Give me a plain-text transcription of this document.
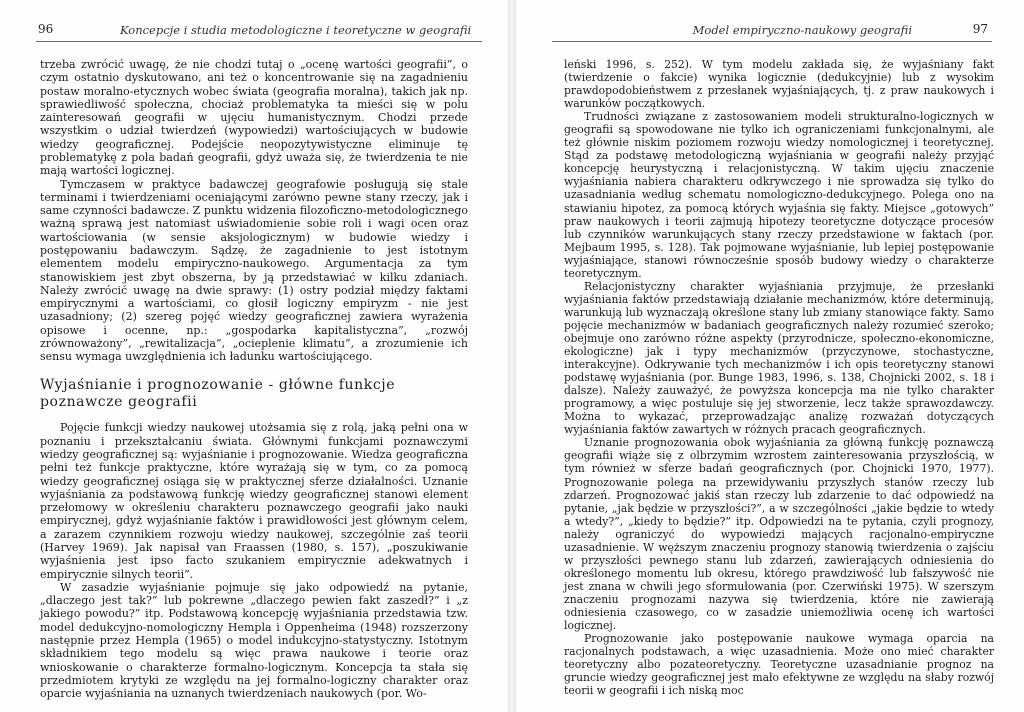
96	Koncepcje i studia metodologiczne i teoretyczne w geografii

trzeba zwrócić uwagę, że nie chodzi tutaj o „ocenę wartości geografii”, o czym ostatnio dyskutowano, ani też o koncentrowanie się na zagadnieniu postaw moralno-etycznych wobec świata (geografia moralna), takich jak np. sprawiedliwość społeczna, chociaż problematyka ta mieści się w polu zainteresowań geografii w ujęciu humanistycznym. Chodzi przede wszystkim o udział twierdzeń (wypowiedzi) wartościujących w budowie wiedzy geograficznej. Podejście neopozytywistyczne eliminuje tę problematykę z pola badań geografii, gdyż uważa się, że twierdzenia te nie mają wartości logicznej.

Tymczasem w praktyce badawczej geografowie posługują się stale terminami i twierdzeniami oceniającymi zarówno pewne stany rzeczy, jak i same czynności badawcze. Z punktu widzenia filozoficzno-metodologicznego ważną sprawą jest natomiast uświadomienie sobie roli i wagi ocen oraz wartościowania (w sensie aksjologicznym) w budowie wiedzy i postępowaniu badawczym. Sądzę, że zagadnienie to jest istotnym elementem modelu empiryczno-naukowego. Argumentacja za tym stanowiskiem jest zbyt obszerna, by ją przedstawiać w kilku zdaniach. Należy zwrócić uwagę na dwie sprawy: (1) ostry podział między faktami empirycznymi a wartościami, co głosił logiczny empiryzm - nie jest uzasadniony; (2) szereg pojęć wiedzy geograficznej zawiera wyrażenia opisowe i ocenne, np.: „gospodarka kapitalistyczna”, „rozwój zrównoważony”, „rewitalizacja”, „ocieplenie klimatu”, a zrozumienie ich sensu wymaga uwzględnienia ich ładunku wartościującego.

Wyjaśnianie i prognozowanie - główne funkcje poznawcze geografii

Pojęcie funkcji wiedzy naukowej utożsamia się z rolą, jaką pełni ona w poznaniu i przekształcaniu świata. Głównymi funkcjami poznawczymi wiedzy geograficznej są: wyjaśnianie i prognozowanie. Wiedza geograficzna pełni też funkcje praktyczne, które wyrażają się w tym, co za pomocą wiedzy geograficznej osiąga się w praktycznej sferze działalności. Uznanie wyjaśniania za podstawową funkcję wiedzy geograficznej stanowi element przełomowy w określeniu charakteru poznawczego geografii jako nauki empirycznej, gdyż wyjaśnianie faktów i prawidłowości jest głównym celem, a zarazem czynnikiem rozwoju wiedzy naukowej, szczególnie zaś teorii (Harvey 1969). Jak napisał van Fraassen (1980, s. 157), „poszukiwanie wyjaśnienia jest ipso facto szukaniem empirycznie adekwatnych i empirycznie silnych teorii”.

W zasadzie wyjaśnianie pojmuje się jako odpowiedź na pytanie, „dlaczego jest tak?” lub pokrewne „dlaczego pewien fakt zaszedł?” i „z jakiego powodu?” itp. Podstawową koncepcję wyjaśniania przedstawia tzw. model dedukcyjno-nomologiczny Hempla i Oppenheima (1948) rozszerzony następnie przez Hempla (1965) o model indukcyjno-statystyczny. Istotnym składnikiem tego modelu są więc prawa naukowe i teorie oraz wnioskowanie o charakterze formalno-logicznym. Koncepcja ta stała się przedmiotem krytyki ze względu na jej formalno-logiczny charakter oraz oparcie wyjaśniania na uznanych twierdzeniach naukowych (por. Wo-

Model empiryczno-naukowy geografii	97

leński 1996, s. 252). W tym modelu zakłada się, że wyjaśniany fakt (twierdzenie o fakcie) wynika logicznie (dedukcyjnie) lub z wysokim prawdopodobieństwem z przesłanek wyjaśniających, tj. z praw naukowych i warunków początkowych.

Trudności związane z zastosowaniem modeli strukturalno-logicznych w geografii są spowodowane nie tylko ich ograniczeniami funkcjonalnymi, ale też głównie niskim poziomem rozwoju wiedzy nomologicznej i teoretycznej. Stąd za podstawę metodologiczną wyjaśniania w geografii należy przyjąć koncepcję heurystyczną i relacjonistyczną. W takim ujęciu znaczenie wyjaśniania nabiera charakteru odkrywczego i nie sprowadza się tylko do uzasadniania według schematu nomologiczno-dedukcyjnego. Polega ono na stawianiu hipotez, za pomocą których wyjaśnia się fakty. Miejsce „gotowych” praw naukowych i teorii zajmują hipotezy teoretyczne dotyczące procesów lub czynników warunkujących stany rzeczy przedstawione w faktach (por. Mejbaum 1995, s. 128). Tak pojmowane wyjaśnianie, lub lepiej postępowanie wyjaśniające, stanowi równocześnie sposób budowy wiedzy o charakterze teoretycznym.

Relacjonistyczny charakter wyjaśniania przyjmuje, że przesłanki wyjaśniania faktów przedstawiają działanie mechanizmów, które determinują, warunkują lub wyznaczają określone stany lub zmiany stanowiące fakty. Samo pojęcie mechanizmów w badaniach geograficznych należy rozumieć szeroko; obejmuje ono zarówno różne aspekty (przyrodnicze, społeczno-ekonomiczne, ekologiczne) jak i typy mechanizmów (przyczynowe, stochastyczne, interakcyjne). Odkrywanie tych mechanizmów i ich opis teoretyczny stanowi podstawę wyjaśniania (por. Bunge 1983, 1996, s. 138, Chojnicki 2002, s. 18 i dalsze). Należy zauważyć, że powyższa koncepcja ma nie tylko charakter programowy, a więc postuluje się jej stworzenie, lecz także sprawozdawczy. Można to wykazać, przeprowadzając analizę rozważań dotyczących wyjaśniania faktów zawartych w różnych pracach geograficznych.

Uznanie prognozowania obok wyjaśniania za główną funkcję poznawczą geografii wiąże się z olbrzymim wzrostem zainteresowania przyszłością, w tym również w sferze badań geograficznych (por. Chojnicki 1970, 1977). Prognozowanie polega na przewidywaniu przyszłych stanów rzeczy lub zdarzeń. Prognozować jakiś stan rzeczy lub zdarzenie to dać odpowiedź na pytanie, „jak będzie w przyszłości?”, a w szczególności „jakie będzie to wtedy a wtedy?”, „kiedy to będzie?” itp. Odpowiedzi na te pytania, czyli prognozy, należy ograniczyć do wypowiedzi mających racjonalno-empiryczne uzasadnienie. W węższym znaczeniu prognozy stanowią twierdzenia o zajściu w przyszłości pewnego stanu lub zdarzeń, zawierających odniesienia do określonego momentu lub okresu, którego prawdziwość lub fałszywość nie jest znana w chwili jego sformułowania (por. Czerwiński 1975). W szerszym znaczeniu prognozami nazywa się twierdzenia, które nie zawierają odniesienia czasowego, co w zasadzie uniemożliwia ocenę ich wartości logicznej.

Prognozowanie jako postępowanie naukowe wymaga oparcia na racjonalnych podstawach, a więc uzasadnienia. Może ono mieć charakter teoretyczny albo pozateoretyczny. Teoretyczne uzasadnianie prognoz na gruncie wiedzy geograficznej jest mało efektywne ze względu na słaby rozwój teorii w geografii i ich niską moc
